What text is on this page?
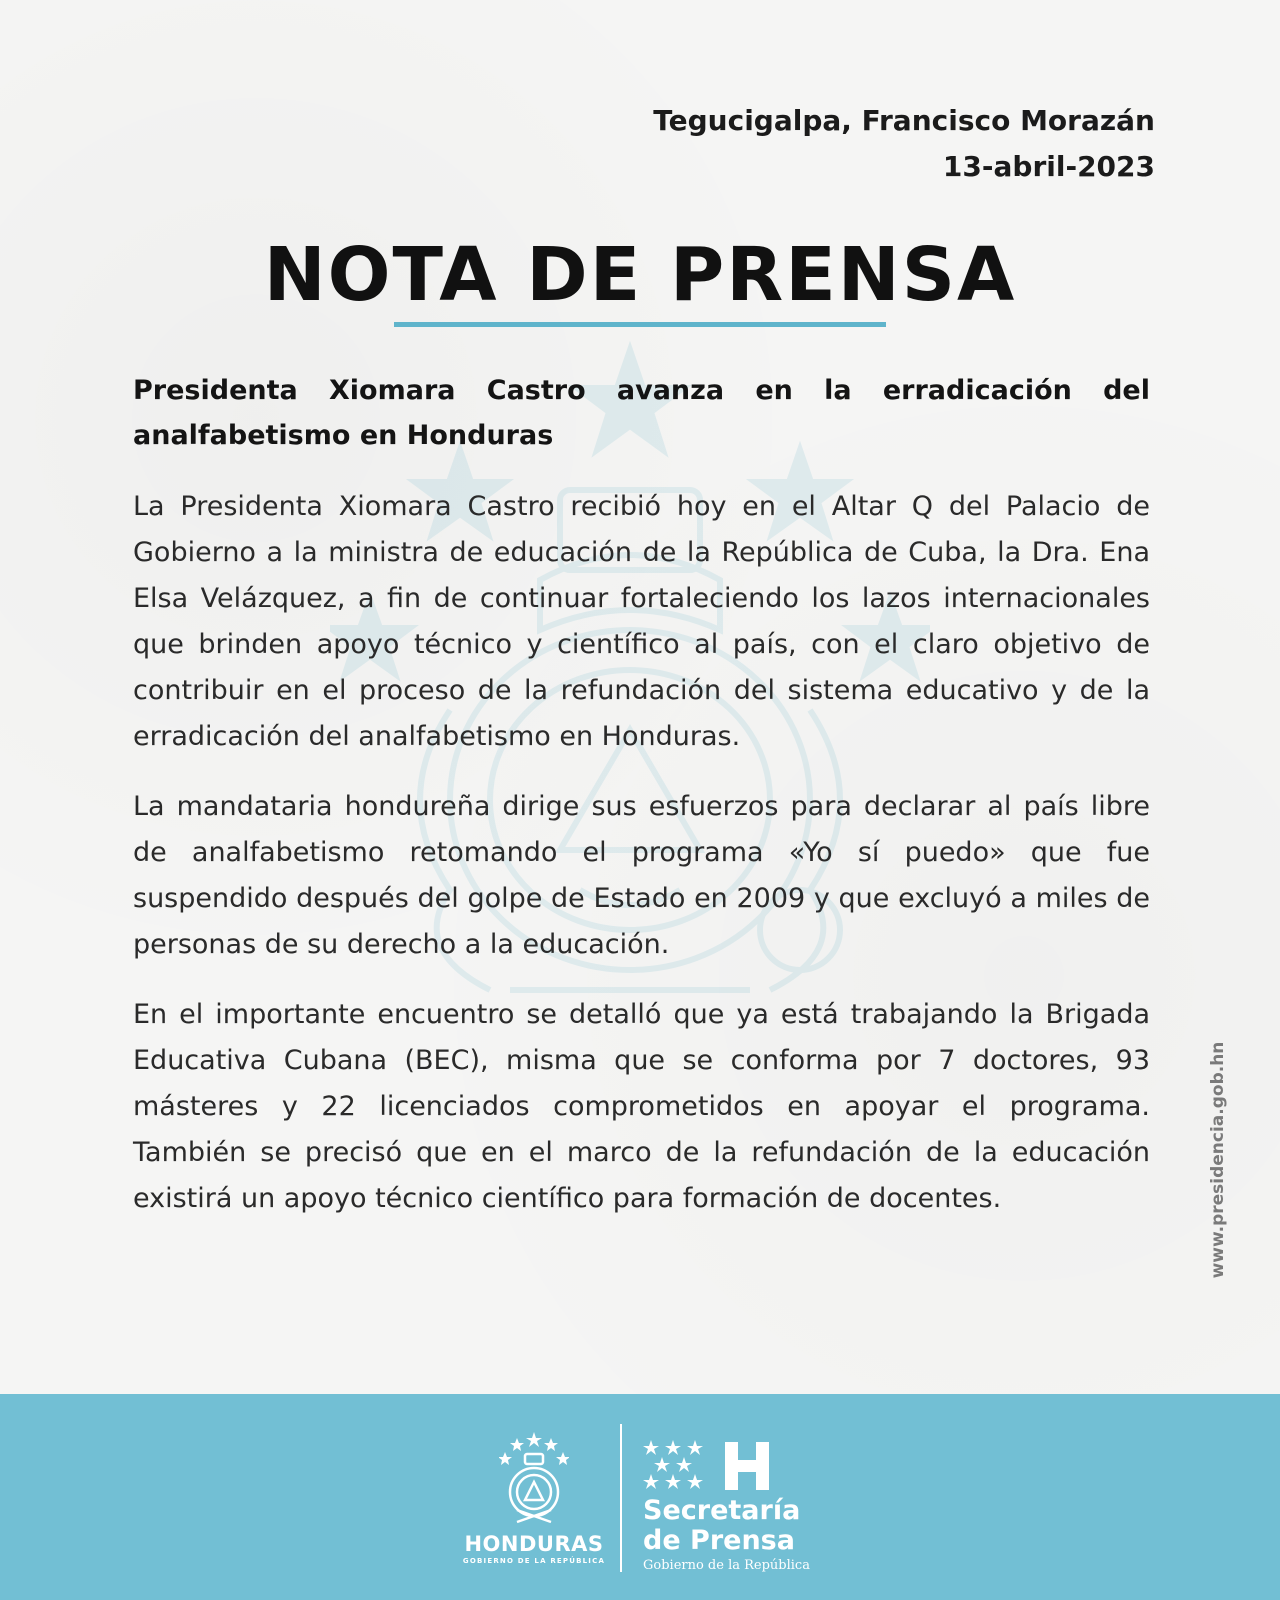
Tegucigalpa, Francisco Morazán
13-abril-2023
NOTA DE PRENSA
Presidenta Xiomara Castro avanza en la erradicación del analfabetismo en Honduras

La Presidenta Xiomara Castro recibió hoy en el Altar Q del Palacio de Gobierno a la ministra de educación de la República de Cuba, la Dra. Ena Elsa Velázquez, a fin de continuar fortaleciendo los lazos internacionales que brinden apoyo técnico y científico al país, con el claro objetivo de contribuir en el proceso de la refundación del sistema educativo y de la erradicación del analfabetismo en Honduras.

La mandataria hondureña dirige sus esfuerzos para declarar al país libre de analfabetismo retomando el programa «Yo sí puedo» que fue suspendido después del golpe de Estado en 2009 y que excluyó a miles de personas de su derecho a la educación.

En el importante encuentro se detalló que ya está trabajando la Brigada Educativa Cubana (BEC), misma que se conforma por 7 doctores, 93 másteres y 22 licenciados comprometidos en apoyar el programa. También se precisó que en el marco de la refundación de la educación existirá un apoyo técnico científico para formación de docentes.	www.presidencia.gob.hn
HONDURAS
GOBIERNO DE LA REPÚBLICA
Secretaría
de Prensa
Gobierno de la República
